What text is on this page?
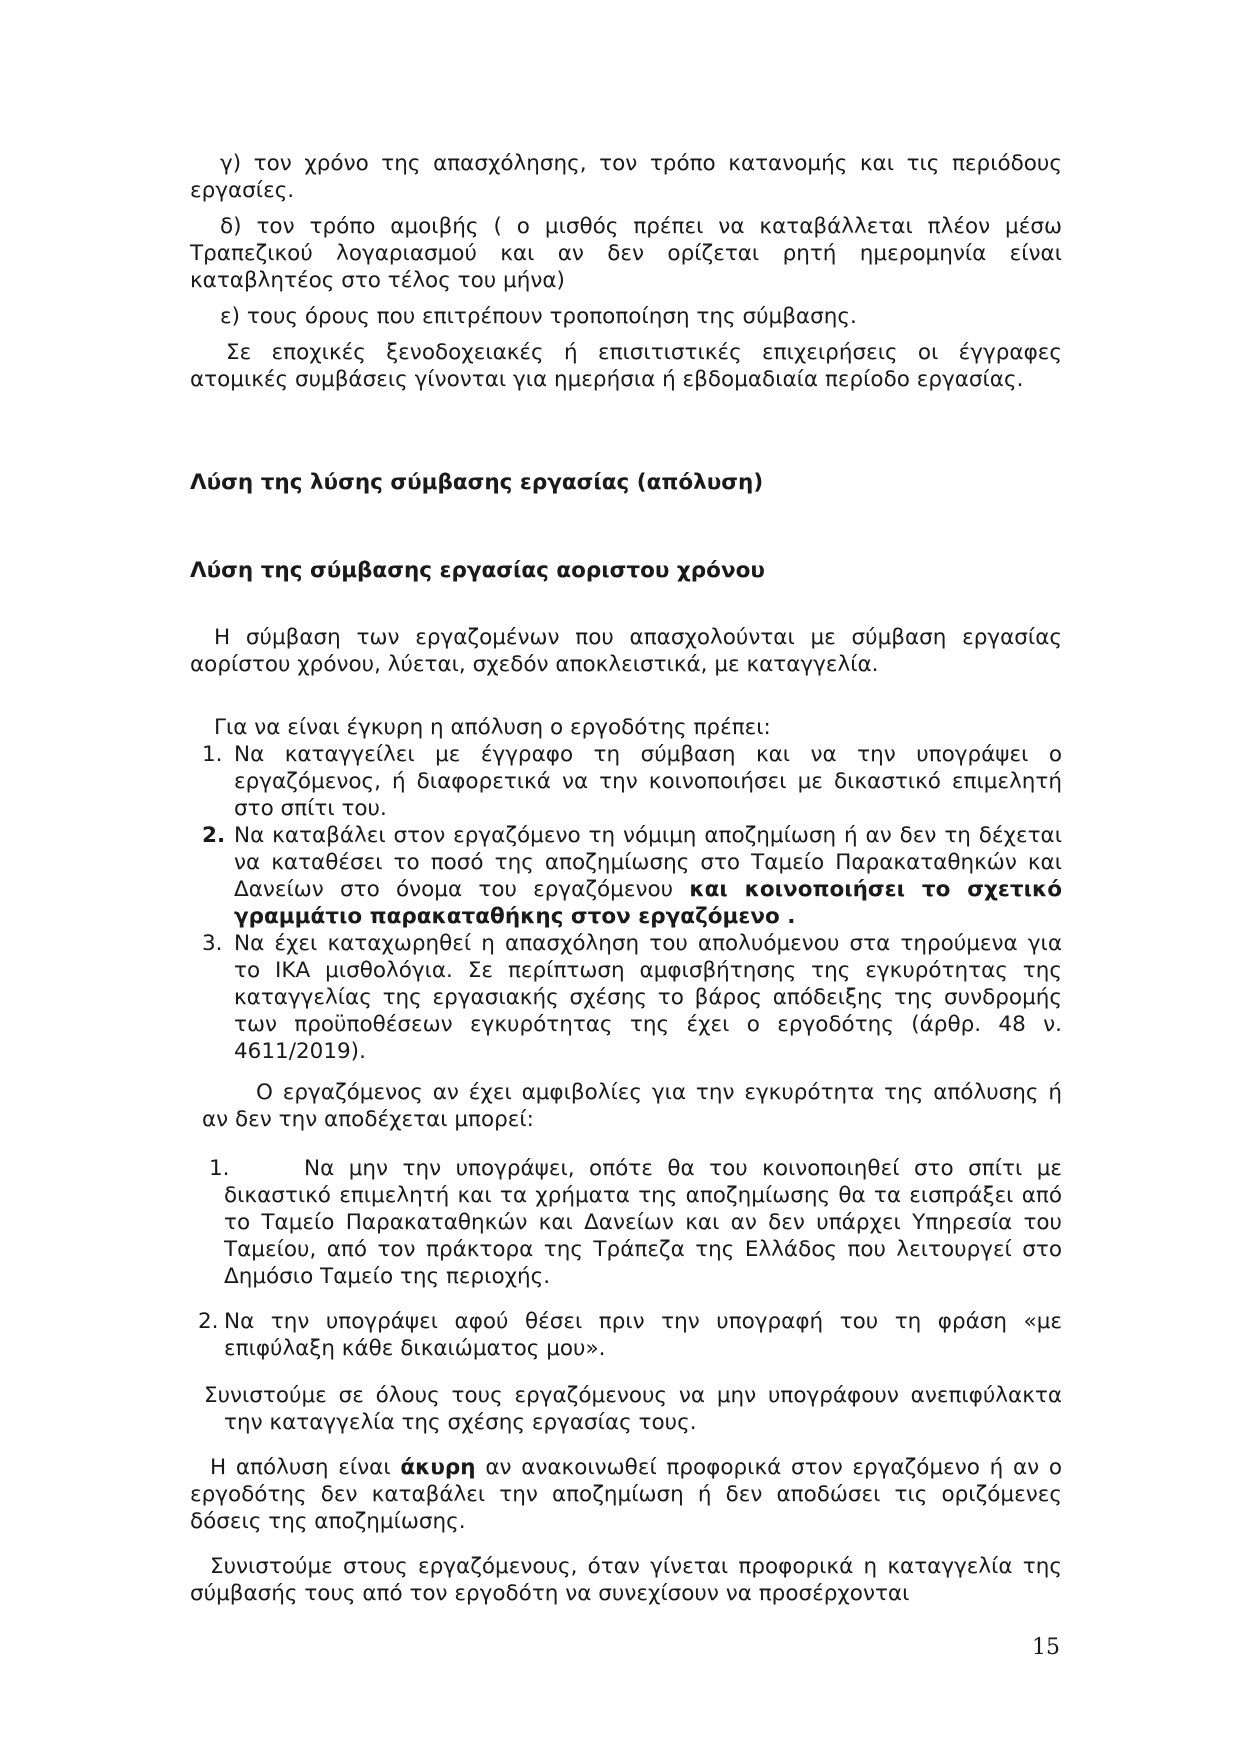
γ) τον χρόνο της απασχόλησης, τον τρόπο κατανομής και τις περιόδους εργασίες.

δ) τον τρόπο αμοιβής ( ο μισθός πρέπει να καταβάλλεται πλέον μέσω Τραπεζικού λογαριασμού και αν δεν ορίζεται ρητή ημερομηνία είναι καταβλητέος στο τέλος του μήνα)

ε) τους όρους που επιτρέπουν τροποποίηση της σύμβασης.

Σε εποχικές ξενοδοχειακές ή επισιτιστικές επιχειρήσεις οι έγγραφες ατομικές συμβάσεις γίνονται για ημερήσια ή εβδομαδιαία περίοδο εργασίας.

Λύση της λύσης σύμβασης εργασίας (απόλυση)

Λύση της σύμβασης εργασίας αοριστου χρόνου

Η σύμβαση των εργαζομένων που απασχολούνται με σύμβαση εργασίας αορίστου χρόνου, λύεται, σχεδόν αποκλειστικά, με καταγγελία.

Για να είναι έγκυρη η απόλυση ο εργοδότης πρέπει:

1. Να καταγγείλει με έγγραφο τη σύμβαση και να την υπογράψει ο εργαζόμενος, ή διαφορετικά να την κοινοποιήσει με δικαστικό επιμελητή στο σπίτι του.
2. Να καταβάλει στον εργαζόμενο τη νόμιμη αποζημίωση ή αν δεν τη δέχεται να καταθέσει το ποσό της αποζημίωσης στο Ταμείο Παρακαταθηκών και Δανείων στο όνομα του εργαζόμενου και κοινοποιήσει το σχετικό γραμμάτιο παρακαταθήκης στον εργαζόμενο .
3. Να έχει καταχωρηθεί η απασχόληση του απολυόμενου στα τηρούμενα για το ΙΚΑ μισθολόγια. Σε περίπτωση αμφισβήτησης της εγκυρότητας της καταγγελίας της εργασιακής σχέσης το βάρος απόδειξης της συνδρομής των προϋποθέσεων εγκυρότητας της έχει ο εργοδότης (άρθρ. 48 ν. 4611/2019).

Ο εργαζόμενος αν έχει αμφιβολίες για την εγκυρότητα της απόλυσης ή αν δεν την αποδέχεται μπορεί:

1.	Να μην την υπογράψει, οπότε θα του κοινοποιηθεί στο σπίτι με δικαστικό επιμελητή και τα χρήματα της αποζημίωσης θα τα εισπράξει από το Ταμείο Παρακαταθηκών και Δανείων και αν δεν υπάρχει Υπηρεσία του Ταμείου, από τον πράκτορα της Τράπεζα της Ελλάδος που λειτουργεί στο Δημόσιο Ταμείο της περιοχής.
2. Να την υπογράψει αφού θέσει πριν την υπογραφή του τη φράση «με επιφύλαξη κάθε δικαιώματος μου».

Συνιστούμε σε όλους τους εργαζόμενους να μην υπογράφουν ανεπιφύλακτα την καταγγελία της σχέσης εργασίας τους.

Η απόλυση είναι άκυρη αν ανακοινωθεί προφορικά στον εργαζόμενο ή αν ο εργοδότης δεν καταβάλει την αποζημίωση ή δεν αποδώσει τις οριζόμενες δόσεις της αποζημίωσης.

Συνιστούμε στους εργαζόμενους, όταν γίνεται προφορικά η καταγγελία της σύμβασής τους από τον εργοδότη να συνεχίσουν να προσέρχονται

15
